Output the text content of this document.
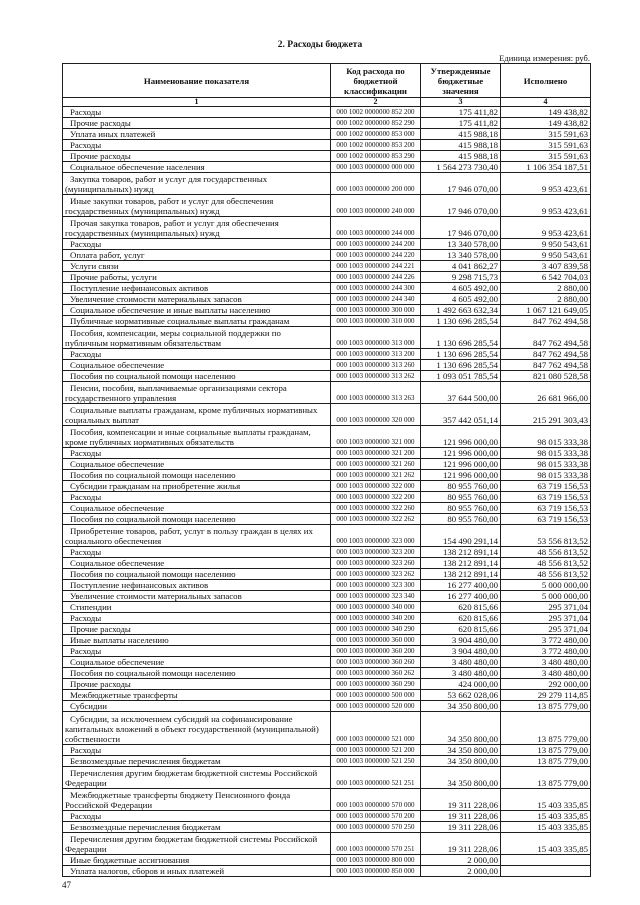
2. Расходы бюджета
Единица измерения: руб.
Наименование показателя	Код расхода по
бюджетной
классификации	Утвержденные
бюджетные
значения	Исполнено
1	2	3	4
Расходы	000 1002 0000000 852 200	175 411,82	149 438,82
Прочие расходы	000 1002 0000000 852 290	175 411,82	149 438,82
Уплата иных платежей	000 1002 0000000 853 000	415 988,18	315 591,63
Расходы	000 1002 0000000 853 200	415 988,18	315 591,63
Прочие расходы	000 1002 0000000 853 290	415 988,18	315 591,63
Социальное обеспечение населения	000 1003 0000000 000 000	1 564 273 730,40	1 106 354 187,51
Закупка товаров, работ и услуг для государственных
(муниципальных) нужд	000 1003 0000000 200 000	17 946 070,00	9 953 423,61
Иные закупки товаров, работ и услуг для обеспечения
государственных (муниципальных) нужд	000 1003 0000000 240 000	17 946 070,00	9 953 423,61
Прочая закупка товаров, работ и услуг для обеспечения
государственных (муниципальных) нужд	000 1003 0000000 244 000	17 946 070,00	9 953 423,61
Расходы	000 1003 0000000 244 200	13 340 578,00	9 950 543,61
Оплата работ, услуг	000 1003 0000000 244 220	13 340 578,00	9 950 543,61
Услуги связи	000 1003 0000000 244 221	4 041 862,27	3 407 839,58
Прочие работы, услуги	000 1003 0000000 244 226	9 298 715,73	6 542 704,03
Поступление нефинансовых активов	000 1003 0000000 244 300	4 605 492,00	2 880,00
Увеличение стоимости материальных запасов	000 1003 0000000 244 340	4 605 492,00	2 880,00
Социальное обеспечение и иные выплаты населению	000 1003 0000000 300 000	1 492 663 632,34	1 067 121 649,05
Публичные нормативные социальные выплаты гражданам	000 1003 0000000 310 000	1 130 696 285,54	847 762 494,58
Пособия, компенсации, меры социальной поддержки по
публичным нормативным обязательствам	000 1003 0000000 313 000	1 130 696 285,54	847 762 494,58
Расходы	000 1003 0000000 313 200	1 130 696 285,54	847 762 494,58
Социальное обеспечение	000 1003 0000000 313 260	1 130 696 285,54	847 762 494,58
Пособия по социальной помощи населению	000 1003 0000000 313 262	1 093 051 785,54	821 080 528,58
Пенсии, пособия, выплачиваемые организациями сектора
государственного управления	000 1003 0000000 313 263	37 644 500,00	26 681 966,00
Социальные выплаты гражданам, кроме публичных нормативных
социальных выплат	000 1003 0000000 320 000	357 442 051,14	215 291 303,43
Пособия, компенсации и иные социальные выплаты гражданам,
кроме публичных нормативных обязательств	000 1003 0000000 321 000	121 996 000,00	98 015 333,38
Расходы	000 1003 0000000 321 200	121 996 000,00	98 015 333,38
Социальное обеспечение	000 1003 0000000 321 260	121 996 000,00	98 015 333,38
Пособия по социальной помощи населению	000 1003 0000000 321 262	121 996 000,00	98 015 333,38
Субсидии гражданам на приобретение жилья	000 1003 0000000 322 000	80 955 760,00	63 719 156,53
Расходы	000 1003 0000000 322 200	80 955 760,00	63 719 156,53
Социальное обеспечение	000 1003 0000000 322 260	80 955 760,00	63 719 156,53
Пособия по социальной помощи населению	000 1003 0000000 322 262	80 955 760,00	63 719 156,53
Приобретение товаров, работ, услуг в пользу граждан в целях их
социального обеспечения	000 1003 0000000 323 000	154 490 291,14	53 556 813,52
Расходы	000 1003 0000000 323 200	138 212 891,14	48 556 813,52
Социальное обеспечение	000 1003 0000000 323 260	138 212 891,14	48 556 813,52
Пособия по социальной помощи населению	000 1003 0000000 323 262	138 212 891,14	48 556 813,52
Поступление нефинансовых активов	000 1003 0000000 323 300	16 277 400,00	5 000 000,00
Увеличение стоимости материальных запасов	000 1003 0000000 323 340	16 277 400,00	5 000 000,00
Стипендии	000 1003 0000000 340 000	620 815,66	295 371,04
Расходы	000 1003 0000000 340 200	620 815,66	295 371,04
Прочие расходы	000 1003 0000000 340 290	620 815,66	295 371,04
Иные выплаты населению	000 1003 0000000 360 000	3 904 480,00	3 772 480,00
Расходы	000 1003 0000000 360 200	3 904 480,00	3 772 480,00
Социальное обеспечение	000 1003 0000000 360 260	3 480 480,00	3 480 480,00
Пособия по социальной помощи населению	000 1003 0000000 360 262	3 480 480,00	3 480 480,00
Прочие расходы	000 1003 0000000 360 290	424 000,00	292 000,00
Межбюджетные трансферты	000 1003 0000000 500 000	53 662 028,06	29 279 114,85
Субсидии	000 1003 0000000 520 000	34 350 800,00	13 875 779,00
Субсидии, за исключением субсидий на софинансирование
капитальных вложений в объект государственной (муниципальной)
собственности	000 1003 0000000 521 000	34 350 800,00	13 875 779,00
Расходы	000 1003 0000000 521 200	34 350 800,00	13 875 779,00
Безвозмездные перечисления бюджетам	000 1003 0000000 521 250	34 350 800,00	13 875 779,00
Перечисления другим бюджетам бюджетной системы Российской
Федерации	000 1003 0000000 521 251	34 350 800,00	13 875 779,00
Межбюджетные трансферты бюджету Пенсионного фонда
Российской Федерации	000 1003 0000000 570 000	19 311 228,06	15 403 335,85
Расходы	000 1003 0000000 570 200	19 311 228,06	15 403 335,85
Безвозмездные перечисления бюджетам	000 1003 0000000 570 250	19 311 228,06	15 403 335,85
Перечисления другим бюджетам бюджетной системы Российской
Федерации	000 1003 0000000 570 251	19 311 228,06	15 403 335,85
Иные бюджетные ассигнования	000 1003 0000000 800 000	2 000,00	
Уплата налогов, сборов и иных платежей	000 1003 0000000 850 000	2 000,00	
47
